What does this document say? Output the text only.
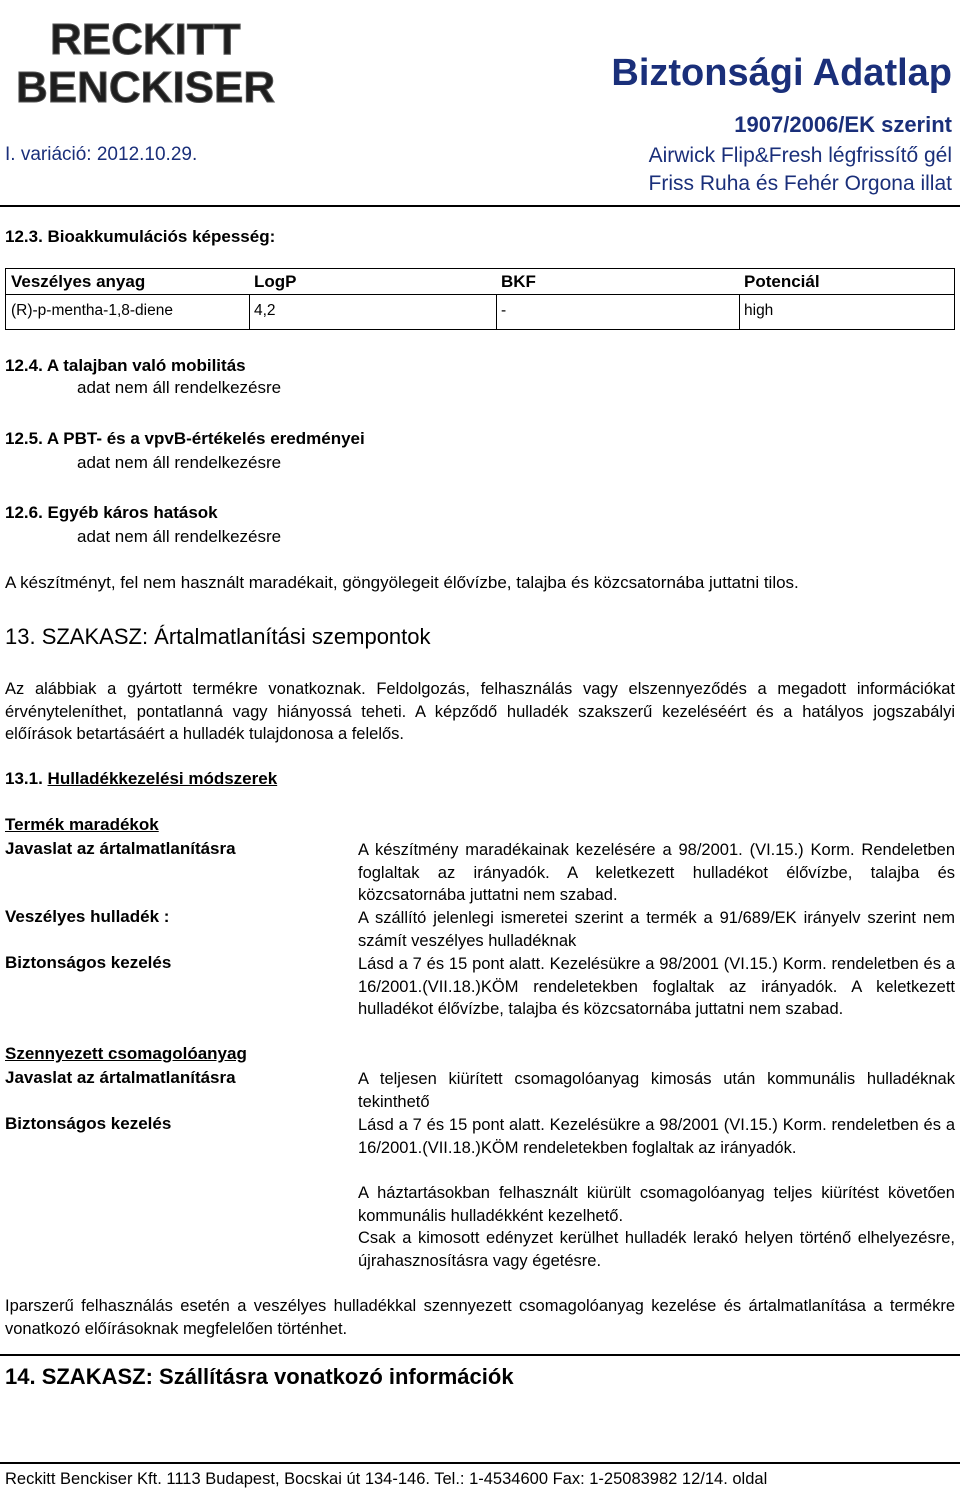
RECKITT
BENCKISER	Biztonsági Adatlap
1907/2006/EK szerint
I. variáció: 2012.10.29.	Airwick Flip&Fresh légfrissítő gél
Friss Ruha és Fehér Orgona illat
12.3. Bioakkumulációs képesség:
Veszélyes anyag	LogP	BKF	Potenciál
(R)-p-mentha-1,8-diene	4,2	-	high
12.4. A talajban való mobilitás
adat nem áll rendelkezésre
12.5. A PBT- és a vpvB-értékelés eredményei
adat nem áll rendelkezésre
12.6. Egyéb káros hatások
adat nem áll rendelkezésre
A készítményt, fel nem használt maradékait, göngyölegeit élővízbe, talajba és közcsatornába juttatni tilos.
13. SZAKASZ: Ártalmatlanítási szempontok
Az alábbiak a gyártott termékre vonatkoznak. Feldolgozás, felhasználás vagy elszennyeződés a megadott információkat érvényteleníthet, pontatlanná vagy hiányossá teheti. A képződő hulladék szakszerű kezeléséért és a hatályos jogszabályi előírások betartásáért a hulladék tulajdonosa a felelős.
13.1. Hulladékkezelési módszerek
Termék maradékok
Javaslat az ártalmatlanításra	A készítmény maradékainak kezelésére a 98/2001. (VI.15.) Korm. Rendeletben foglaltak az irányadók. A keletkezett hulladékot élővízbe, talajba és közcsatornába juttatni nem szabad.
Veszélyes hulladék :	A szállító jelenlegi ismeretei szerint a termék a 91/689/EK irányelv szerint nem számít veszélyes hulladéknak
Biztonságos kezelés	Lásd a 7 és 15 pont alatt. Kezelésükre a 98/2001 (VI.15.) Korm. rendeletben és a 16/2001.(VII.18.)KÖM rendeletekben foglaltak az irányadók. A keletkezett hulladékot élővízbe, talajba és közcsatornába juttatni nem szabad.
Szennyezett csomagolóanyag
Javaslat az ártalmatlanításra	A teljesen kiürített csomagolóanyag kimosás után kommunális hulladéknak tekinthető
Biztonságos kezelés	Lásd a 7 és 15 pont alatt. Kezelésükre a 98/2001 (VI.15.) Korm. rendeletben és a 16/2001.(VII.18.)KÖM rendeletekben foglaltak az irányadók.
A háztartásokban felhasznált kiürült csomagolóanyag teljes kiürítést követően kommunális hulladékként kezelhető.
Csak a kimosott edényzet kerülhet hulladék lerakó helyen történő elhelyezésre, újrahasznosításra vagy égetésre.
Iparszerű felhasználás esetén a veszélyes hulladékkal szennyezett csomagolóanyag kezelése és ártalmatlanítása a termékre vonatkozó előírásoknak megfelelően történhet.
14. SZAKASZ: Szállításra vonatkozó információk
Reckitt Benckiser Kft. 1113 Budapest, Bocskai út 134-146. Tel.: 1-4534600 Fax: 1-25083982 12/14. oldal
